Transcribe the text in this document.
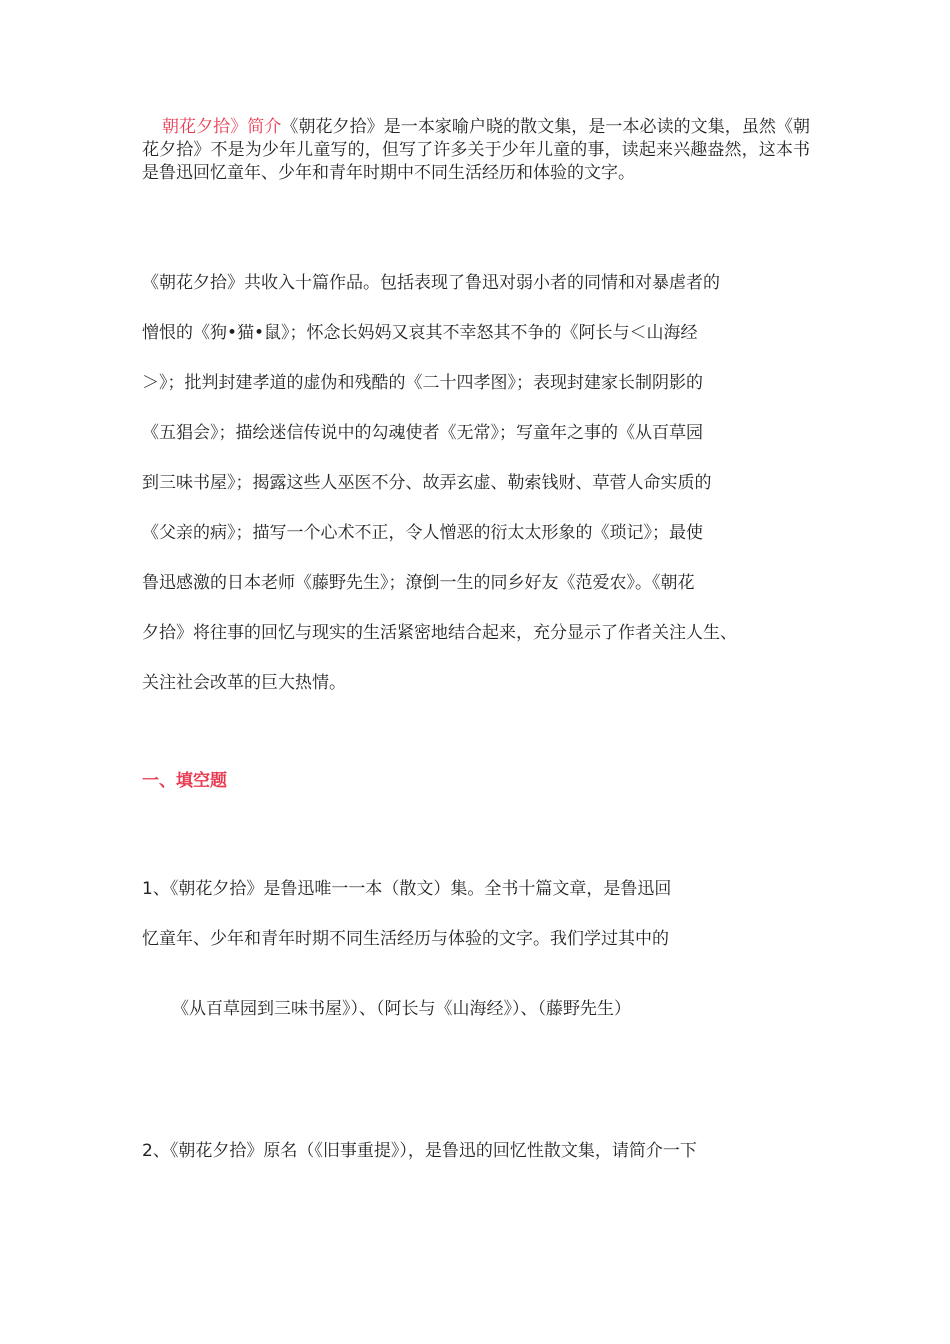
朝花夕拾》简介《朝花夕拾》是一本家喻户晓的散文集，是一本必读的文集，虽然《朝花夕拾》不是为少年儿童写的，但写了许多关于少年儿童的事，读起来兴趣盎然，这本书是鲁迅回忆童年、少年和青年时期中不同生活经历和体验的文字。
《朝花夕拾》共收入十篇作品。包括表现了鲁迅对弱小者的同情和对暴虐者的
憎恨的《狗•猫•鼠》；怀念长妈妈又哀其不幸怒其不争的《阿长与＜山海经
＞》；批判封建孝道的虚伪和残酷的《二十四孝图》；表现封建家长制阴影的
《五猖会》；描绘迷信传说中的勾魂使者《无常》；写童年之事的《从百草园
到三味书屋》；揭露这些人巫医不分、故弄玄虚、勒索钱财、草菅人命实质的
《父亲的病》；描写一个心术不正，令人憎恶的衍太太形象的《琐记》；最使
鲁迅感激的日本老师《藤野先生》；潦倒一生的同乡好友《范爱农》。《朝花
夕拾》将往事的回忆与现实的生活紧密地结合起来，充分显示了作者关注人生、
关注社会改革的巨大热情。
一、填空题
1、《朝花夕拾》是鲁迅唯一一本（散文）集。全书十篇文章，是鲁迅回
忆童年、少年和青年时期不同生活经历与体验的文字。我们学过其中的
《从百草园到三味书屋》）、（阿长与《山海经》）、（藤野先生）
2、《朝花夕拾》原名（《旧事重提》），是鲁迅的回忆性散文集，请简介一下
